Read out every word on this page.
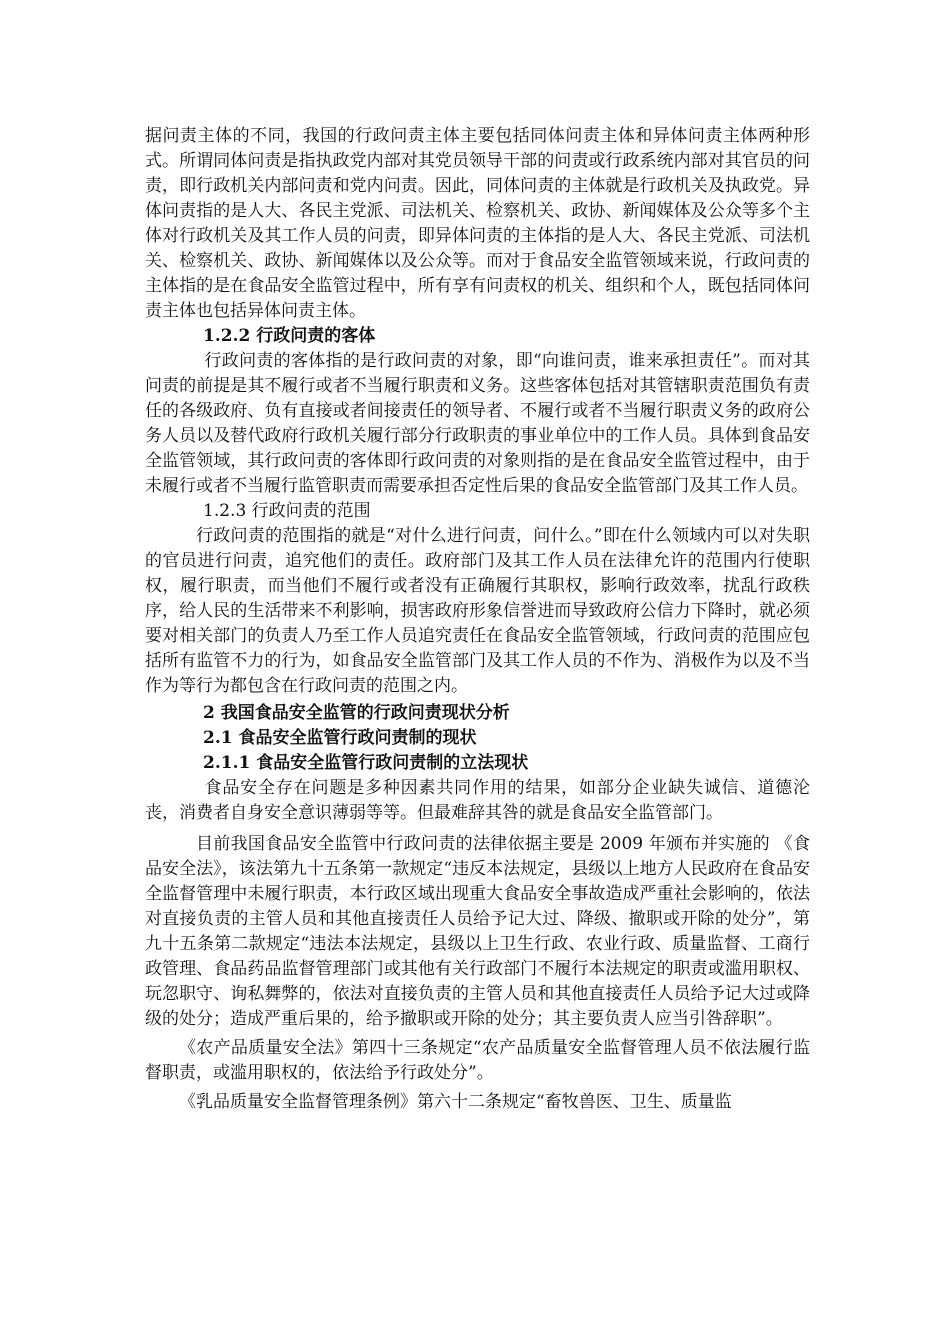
据问责主体的不同，我国的行政问责主体主要包括同体问责主体和异体问责主体两种形式。所谓同体问责是指执政党内部对其党员领导干部的问责或行政系统内部对其官员的问责，即行政机关内部问责和党内问责。因此，同体问责的主体就是行政机关及执政党。异体问责指的是人大、各民主党派、司法机关、检察机关、政协、新闻媒体及公众等多个主体对行政机关及其工作人员的问责，即异体问责的主体指的是人大、各民主党派、司法机关、检察机关、政协、新闻媒体以及公众等。而对于食品安全监管领域来说，行政问责的主体指的是在食品安全监管过程中，所有享有问责权的机关、组织和个人，既包括同体问责主体也包括异体问责主体。

1.2.2 行政问责的客体

行政问责的客体指的是行政问责的对象，即“向谁问责，谁来承担责任”。而对其问责的前提是其不履行或者不当履行职责和义务。这些客体包括对其管辖职责范围负有责任的各级政府、负有直接或者间接责任的领导者、不履行或者不当履行职责义务的政府公务人员以及替代政府行政机关履行部分行政职责的事业单位中的工作人员。具体到食品安全监管领域，其行政问责的客体即行政问责的对象则指的是在食品安全监管过程中，由于未履行或者不当履行监管职责而需要承担否定性后果的食品安全监管部门及其工作人员。

1.2.3 行政问责的范围

行政问责的范围指的就是“对什么进行问责，问什么。”即在什么领域内可以对失职的官员进行问责，追究他们的责任。政府部门及其工作人员在法律允许的范围内行使职权，履行职责，而当他们不履行或者没有正确履行其职权，影响行政效率，扰乱行政秩序，给人民的生活带来不利影响，损害政府形象信誉进而导致政府公信力下降时，就必须要对相关部门的负责人乃至工作人员追究责任在食品安全监管领域，行政问责的范围应包括所有监管不力的行为，如食品安全监管部门及其工作人员的不作为、消极作为以及不当作为等行为都包含在行政问责的范围之内。

2 我国食品安全监管的行政问责现状分析

2.1 食品安全监管行政问责制的现状

2.1.1 食品安全监管行政问责制的立法现状

食品安全存在问题是多种因素共同作用的结果，如部分企业缺失诚信、道德沦丧，消费者自身安全意识薄弱等等。但最难辞其咎的就是食品安全监管部门。

目前我国食品安全监管中行政问责的法律依据主要是 2009 年颁布并实施的 《食品安全法》，该法第九十五条第一款规定“违反本法规定，县级以上地方人民政府在食品安全监督管理中未履行职责，本行政区域出现重大食品安全事故造成严重社会影响的，依法对直接负责的主管人员和其他直接责任人员给予记大过、降级、撤职或开除的处分”，第九十五条第二款规定“违法本法规定，县级以上卫生行政、农业行政、质量监督、工商行政管理、食品药品监督管理部门或其他有关行政部门不履行本法规定的职责或滥用职权、玩忽职守、询私舞弊的，依法对直接负责的主管人员和其他直接责任人员给予记大过或降级的处分；造成严重后果的，给予撤职或开除的处分；其主要负责人应当引咎辞职”。

《农产品质量安全法》第四十三条规定“农产品质量安全监督管理人员不依法履行监督职责，或滥用职权的，依法给予行政处分”。

《乳品质量安全监督管理条例》第六十二条规定“畜牧兽医、卫生、质量监
